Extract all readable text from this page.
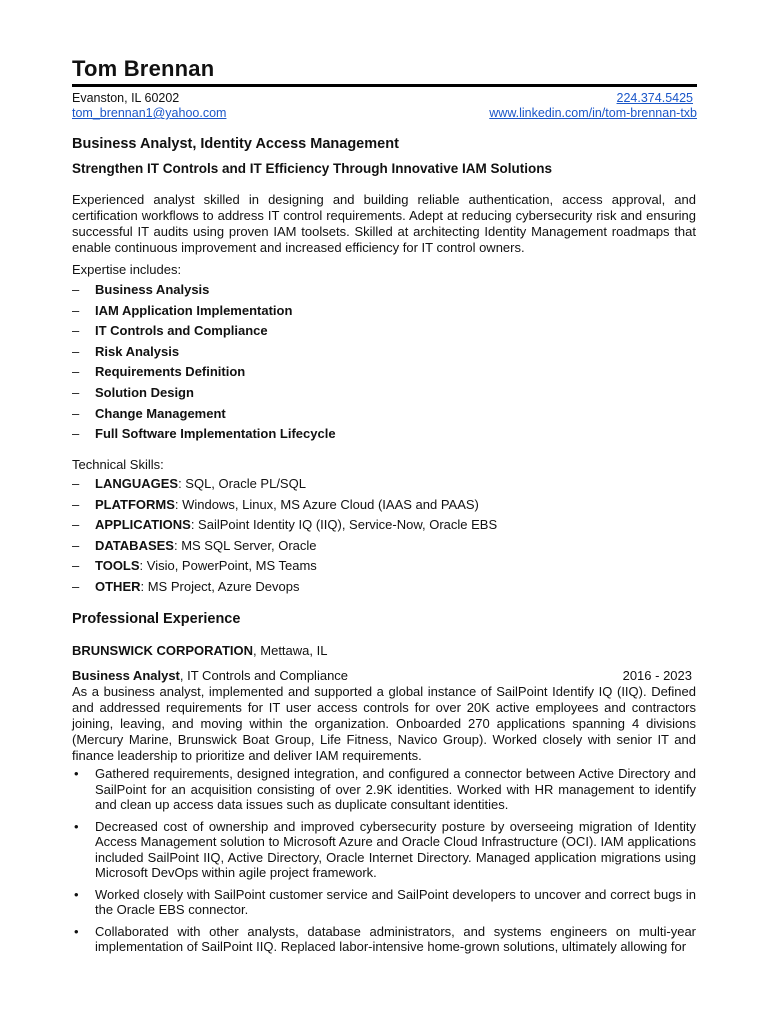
Tom Brennan
Evanston, IL 60202	224.374.5425
tom_brennan1@yahoo.com	www.linkedin.com/in/tom-brennan-txb
Business Analyst, Identity Access Management
Strengthen IT Controls and IT Efficiency Through Innovative IAM Solutions
Experienced analyst skilled in designing and building reliable authentication, access approval, and certification workflows to address IT control requirements. Adept at reducing cybersecurity risk and ensuring successful IT audits using proven IAM toolsets. Skilled at architecting Identity Management roadmaps that enable continuous improvement and increased efficiency for IT control owners.
Expertise includes:
– Business Analysis
– IAM Application Implementation
– IT Controls and Compliance
– Risk Analysis
– Requirements Definition
– Solution Design
– Change Management
– Full Software Implementation Lifecycle
Technical Skills:
– LANGUAGES: SQL, Oracle PL/SQL
– PLATFORMS: Windows, Linux, MS Azure Cloud (IAAS and PAAS)
– APPLICATIONS: SailPoint Identity IQ (IIQ), Service-Now, Oracle EBS
– DATABASES: MS SQL Server, Oracle
– TOOLS: Visio, PowerPoint, MS Teams
– OTHER: MS Project, Azure Devops
Professional Experience
BRUNSWICK CORPORATION, Mettawa, IL
Business Analyst, IT Controls and Compliance	2016 - 2023
As a business analyst, implemented and supported a global instance of SailPoint Identify IQ (IIQ). Defined and addressed requirements for IT user access controls for over 20K active employees and contractors joining, leaving, and moving within the organization. Onboarded 270 applications spanning 4 divisions (Mercury Marine, Brunswick Boat Group, Life Fitness, Navico Group). Worked closely with senior IT and finance leadership to prioritize and deliver IAM requirements.
• Gathered requirements, designed integration, and configured a connector between Active Directory and SailPoint for an acquisition consisting of over 2.9K identities. Worked with HR management to identify and clean up access data issues such as duplicate consultant identities.
• Decreased cost of ownership and improved cybersecurity posture by overseeing migration of Identity Access Management solution to Microsoft Azure and Oracle Cloud Infrastructure (OCI). IAM applications included SailPoint IIQ, Active Directory, Oracle Internet Directory. Managed application migrations using Microsoft DevOps within agile project framework.
• Worked closely with SailPoint customer service and SailPoint developers to uncover and correct bugs in the Oracle EBS connector.
• Collaborated with other analysts, database administrators, and systems engineers on multi-year implementation of SailPoint IIQ. Replaced labor-intensive home-grown solutions, ultimately allowing for
